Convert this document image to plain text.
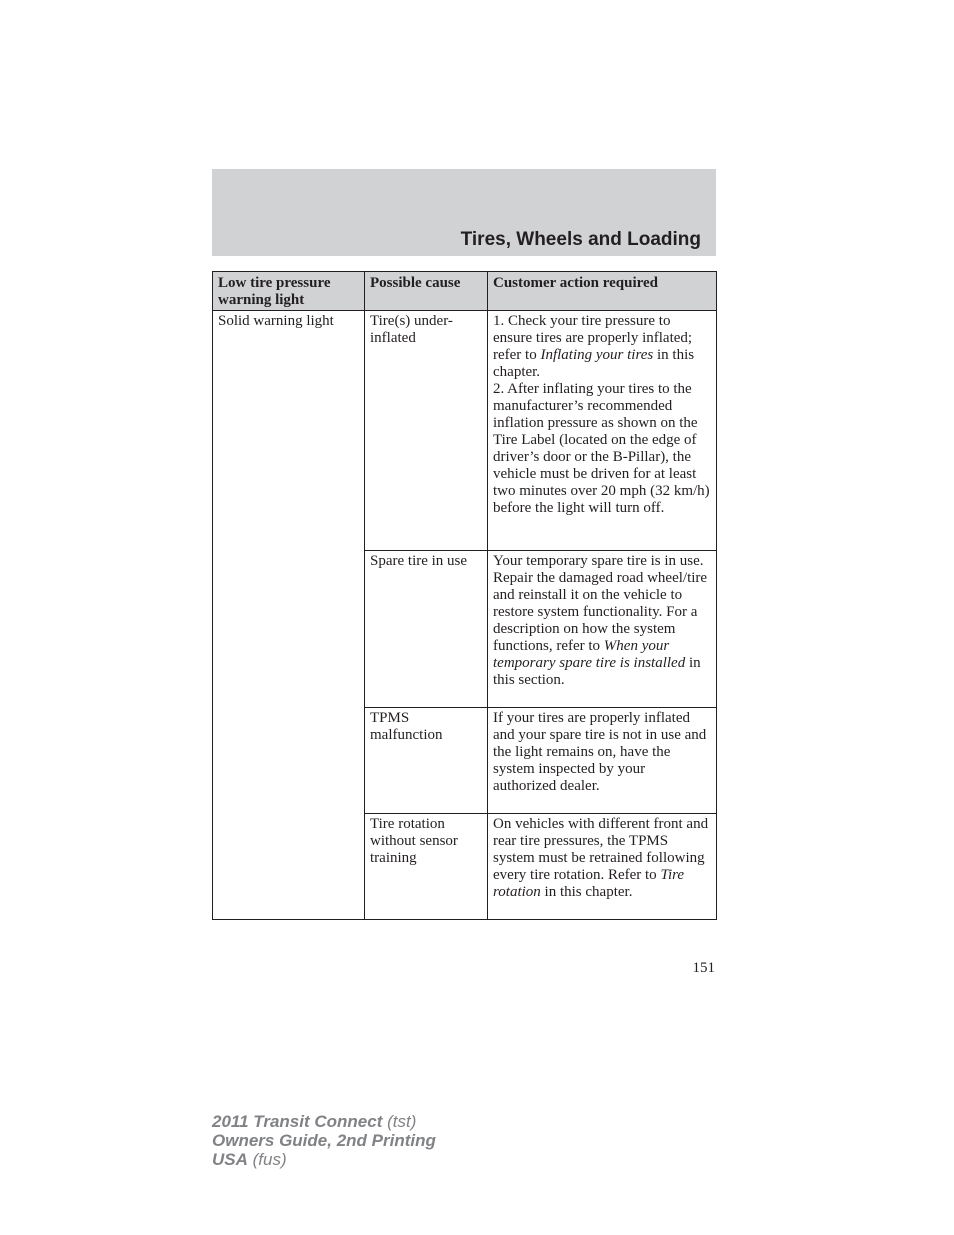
Tires, Wheels and Loading
Low tire pressure warning light	Possible cause	Customer action required
Solid warning light	Tire(s) under-inflated	1. Check your tire pressure to ensure tires are properly inflated; refer to Inflating your tires in this chapter.
2. After inflating your tires to the manufacturer’s recommended inflation pressure as shown on the Tire Label (located on the edge of driver’s door or the B-Pillar), the vehicle must be driven for at least two minutes over 20 mph (32 km/h) before the light will turn off.
	Spare tire in use	Your temporary spare tire is in use. Repair the damaged road wheel/tire and reinstall it on the vehicle to restore system functionality. For a description on how the system functions, refer to When your temporary spare tire is installed in this section.
	TPMS malfunction	If your tires are properly inflated and your spare tire is not in use and the light remains on, have the system inspected by your authorized dealer.
	Tire rotation without sensor training	On vehicles with different front and rear tire pressures, the TPMS system must be retrained following every tire rotation. Refer to Tire rotation in this chapter.
151
2011 Transit Connect (tst)
Owners Guide, 2nd Printing
USA (fus)
